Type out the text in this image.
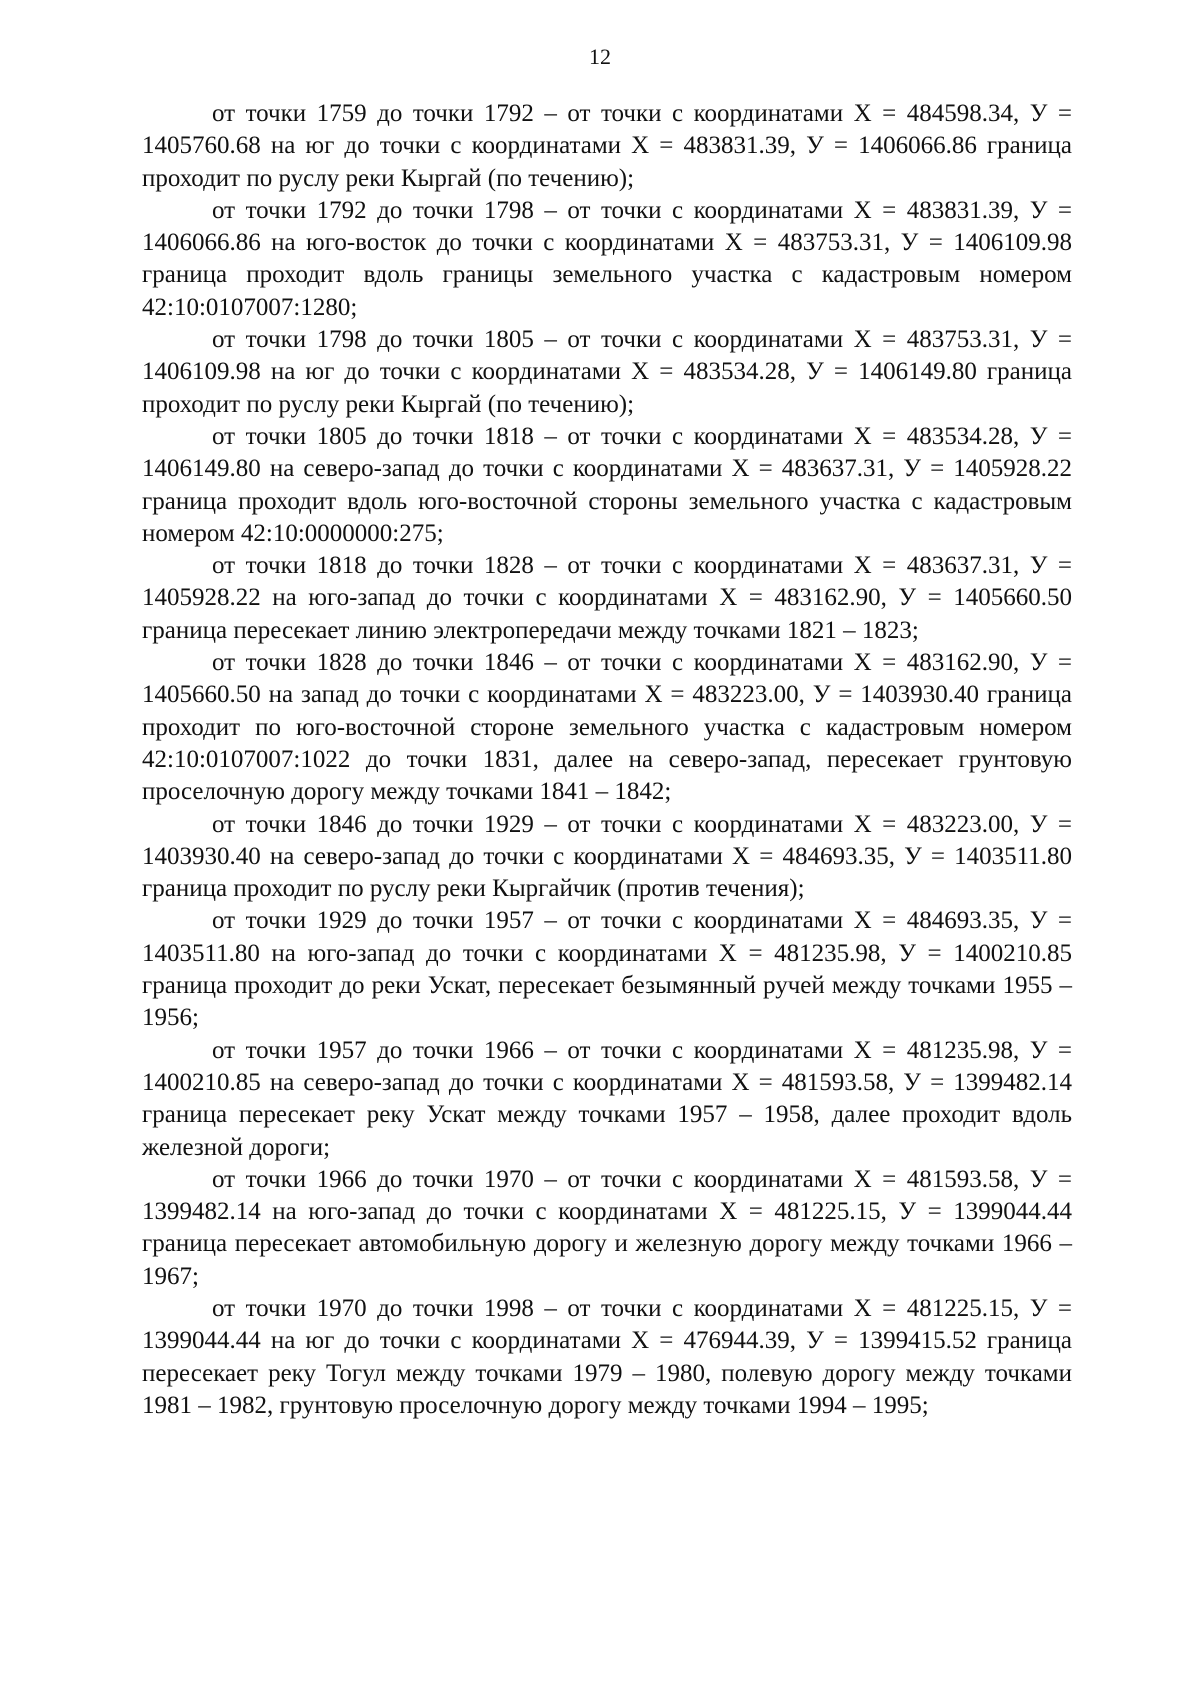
12

от точки 1759 до точки 1792 – от точки с координатами Х = 484598.34, У = 1405760.68 на юг до точки с координатами Х = 483831.39, У = 1406066.86 граница проходит по руслу реки Кыргай (по течению);

от точки 1792 до точки 1798 – от точки с координатами Х = 483831.39, У = 1406066.86 на юго-восток до точки с координатами Х = 483753.31, У = 1406109.98 граница проходит вдоль границы земельного участка с кадастровым номером 42:10:0107007:1280;

от точки 1798 до точки 1805 – от точки с координатами Х = 483753.31, У = 1406109.98 на юг до точки с координатами Х = 483534.28, У = 1406149.80 граница проходит по руслу реки Кыргай (по течению);

от точки 1805 до точки 1818 – от точки с координатами Х = 483534.28, У = 1406149.80 на северо-запад до точки с координатами Х = 483637.31, У = 1405928.22 граница проходит вдоль юго-восточной стороны земельного участка с кадастровым номером 42:10:0000000:275;

от точки 1818 до точки 1828 – от точки с координатами Х = 483637.31, У = 1405928.22 на юго-запад до точки с координатами Х = 483162.90, У = 1405660.50 граница пересекает линию электропередачи между точками 1821 – 1823;

от точки 1828 до точки 1846 – от точки с координатами Х = 483162.90, У = 1405660.50 на запад до точки с координатами Х = 483223.00, У = 1403930.40 граница проходит по юго-восточной стороне земельного участка с кадастровым номером 42:10:0107007:1022 до точки 1831, далее на северо-запад, пересекает грунтовую проселочную дорогу между точками 1841 – 1842;

от точки 1846 до точки 1929 – от точки с координатами Х = 483223.00, У = 1403930.40 на северо-запад до точки с координатами Х = 484693.35, У = 1403511.80 граница проходит по руслу реки Кыргайчик (против течения);

от точки 1929 до точки 1957 – от точки с координатами Х = 484693.35, У = 1403511.80 на юго-запад до точки с координатами Х = 481235.98, У = 1400210.85 граница проходит до реки Ускат, пересекает безымянный ручей между точками 1955 – 1956;

от точки 1957 до точки 1966 – от точки с координатами Х = 481235.98, У = 1400210.85 на северо-запад до точки с координатами Х = 481593.58, У = 1399482.14 граница пересекает реку Ускат между точками 1957 – 1958, далее проходит вдоль железной дороги;

от точки 1966 до точки 1970 – от точки с координатами Х = 481593.58, У = 1399482.14 на юго-запад до точки с координатами Х = 481225.15, У = 1399044.44 граница пересекает автомобильную дорогу и железную дорогу между точками 1966 – 1967;

от точки 1970 до точки 1998 – от точки с координатами Х = 481225.15, У = 1399044.44 на юг до точки с координатами Х = 476944.39, У = 1399415.52 граница пересекает реку Тогул между точками 1979 – 1980, полевую дорогу между точками 1981 – 1982, грунтовую проселочную дорогу между точками 1994 – 1995;
